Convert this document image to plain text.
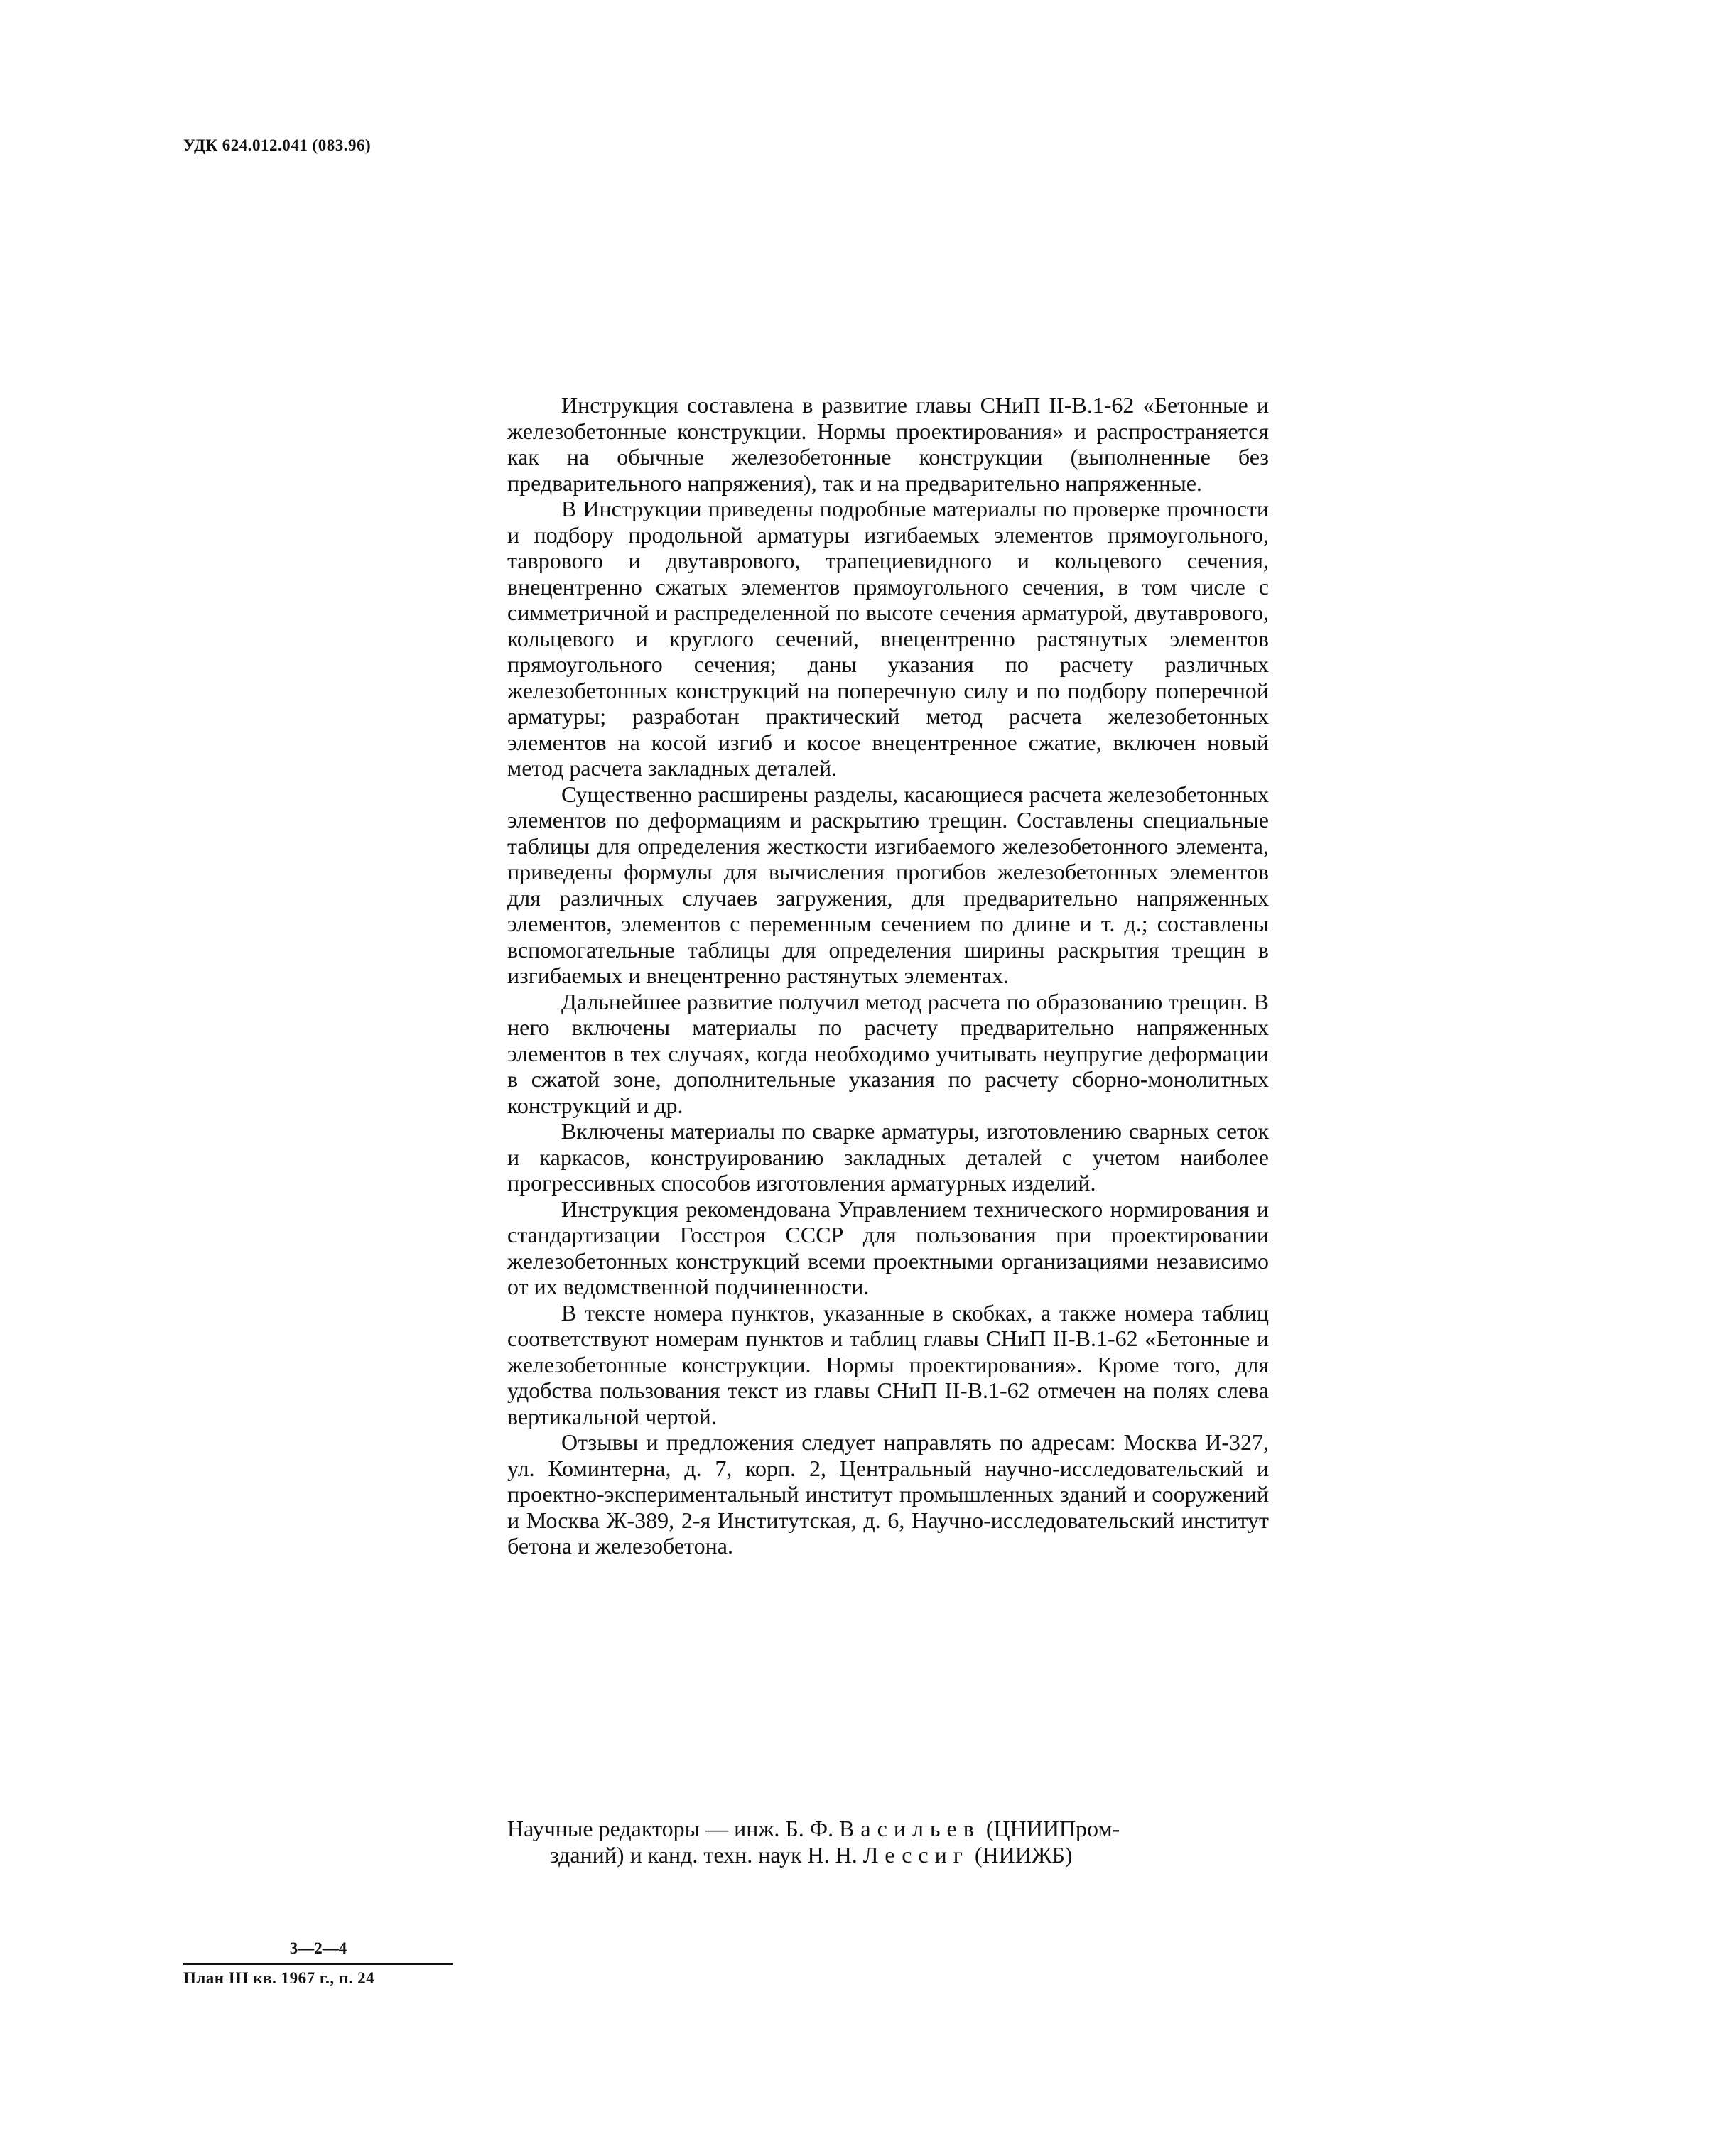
УДК 624.012.041 (083.96)

Инструкция составлена в развитие главы СНиП II-В.1-62 «Бетонные и железобетонные конструкции. Нормы проектирования» и распространяется как на обычные железобетонные конструкции (выполненные без предварительного напряжения), так и на предварительно напряженные.

В Инструкции приведены подробные материалы по проверке прочности и подбору продольной арматуры изгибаемых элементов прямоугольного, таврового и двутаврового, трапециевидного и кольцевого сечения, внецентренно сжатых элементов прямоугольного сечения, в том числе с симметричной и распределенной по высоте сечения арматурой, двутаврового, кольцевого и круглого сечений, внецентренно растянутых элементов прямоугольного сечения; даны указания по расчету различных железобетонных конструкций на поперечную силу и по подбору поперечной арматуры; разработан практический метод расчета железобетонных элементов на косой изгиб и косое внецентренное сжатие, включен новый метод расчета закладных деталей.

Существенно расширены разделы, касающиеся расчета железобетонных элементов по деформациям и раскрытию трещин. Составлены специальные таблицы для определения жесткости изгибаемого железобетонного элемента, приведены формулы для вычисления прогибов железобетонных элементов для различных случаев загружения, для предварительно напряженных элементов, элементов с переменным сечением по длине и т. д.; составлены вспомогательные таблицы для определения ширины раскрытия трещин в изгибаемых и внецентренно растянутых элементах.

Дальнейшее развитие получил метод расчета по образованию трещин. В него включены материалы по расчету предварительно напряженных элементов в тех случаях, когда необходимо учитывать неупругие деформации в сжатой зоне, дополнительные указания по расчету сборно-монолитных конструкций и др.

Включены материалы по сварке арматуры, изготовлению сварных сеток и каркасов, конструированию закладных деталей с учетом наиболее прогрессивных способов изготовления арматурных изделий.

Инструкция рекомендована Управлением технического нормирования и стандартизации Госстроя СССР для пользования при проектировании железобетонных конструкций всеми проектными организациями независимо от их ведомственной подчиненности.

В тексте номера пунктов, указанные в скобках, а также номера таблиц соответствуют номерам пунктов и таблиц главы СНиП II-В.1-62 «Бетонные и железобетонные конструкции. Нормы проектирования». Кроме того, для удобства пользования текст из главы СНиП II-В.1-62 отмечен на полях слева вертикальной чертой.

Отзывы и предложения следует направлять по адресам: Москва И-327, ул. Коминтерна, д. 7, корп. 2, Центральный научно-исследовательский и проектно-экспериментальный институт промышленных зданий и сооружений и Москва Ж-389, 2-я Институтская, д. 6, Научно-исследовательский институт бетона и железобетона.

Научные редакторы — инж. Б. Ф. Васильев (ЦНИИПром-
зданий) и канд. техн. наук Н. Н. Лессиг (НИИЖБ)
3—2—4
План III кв. 1967 г., п. 24
